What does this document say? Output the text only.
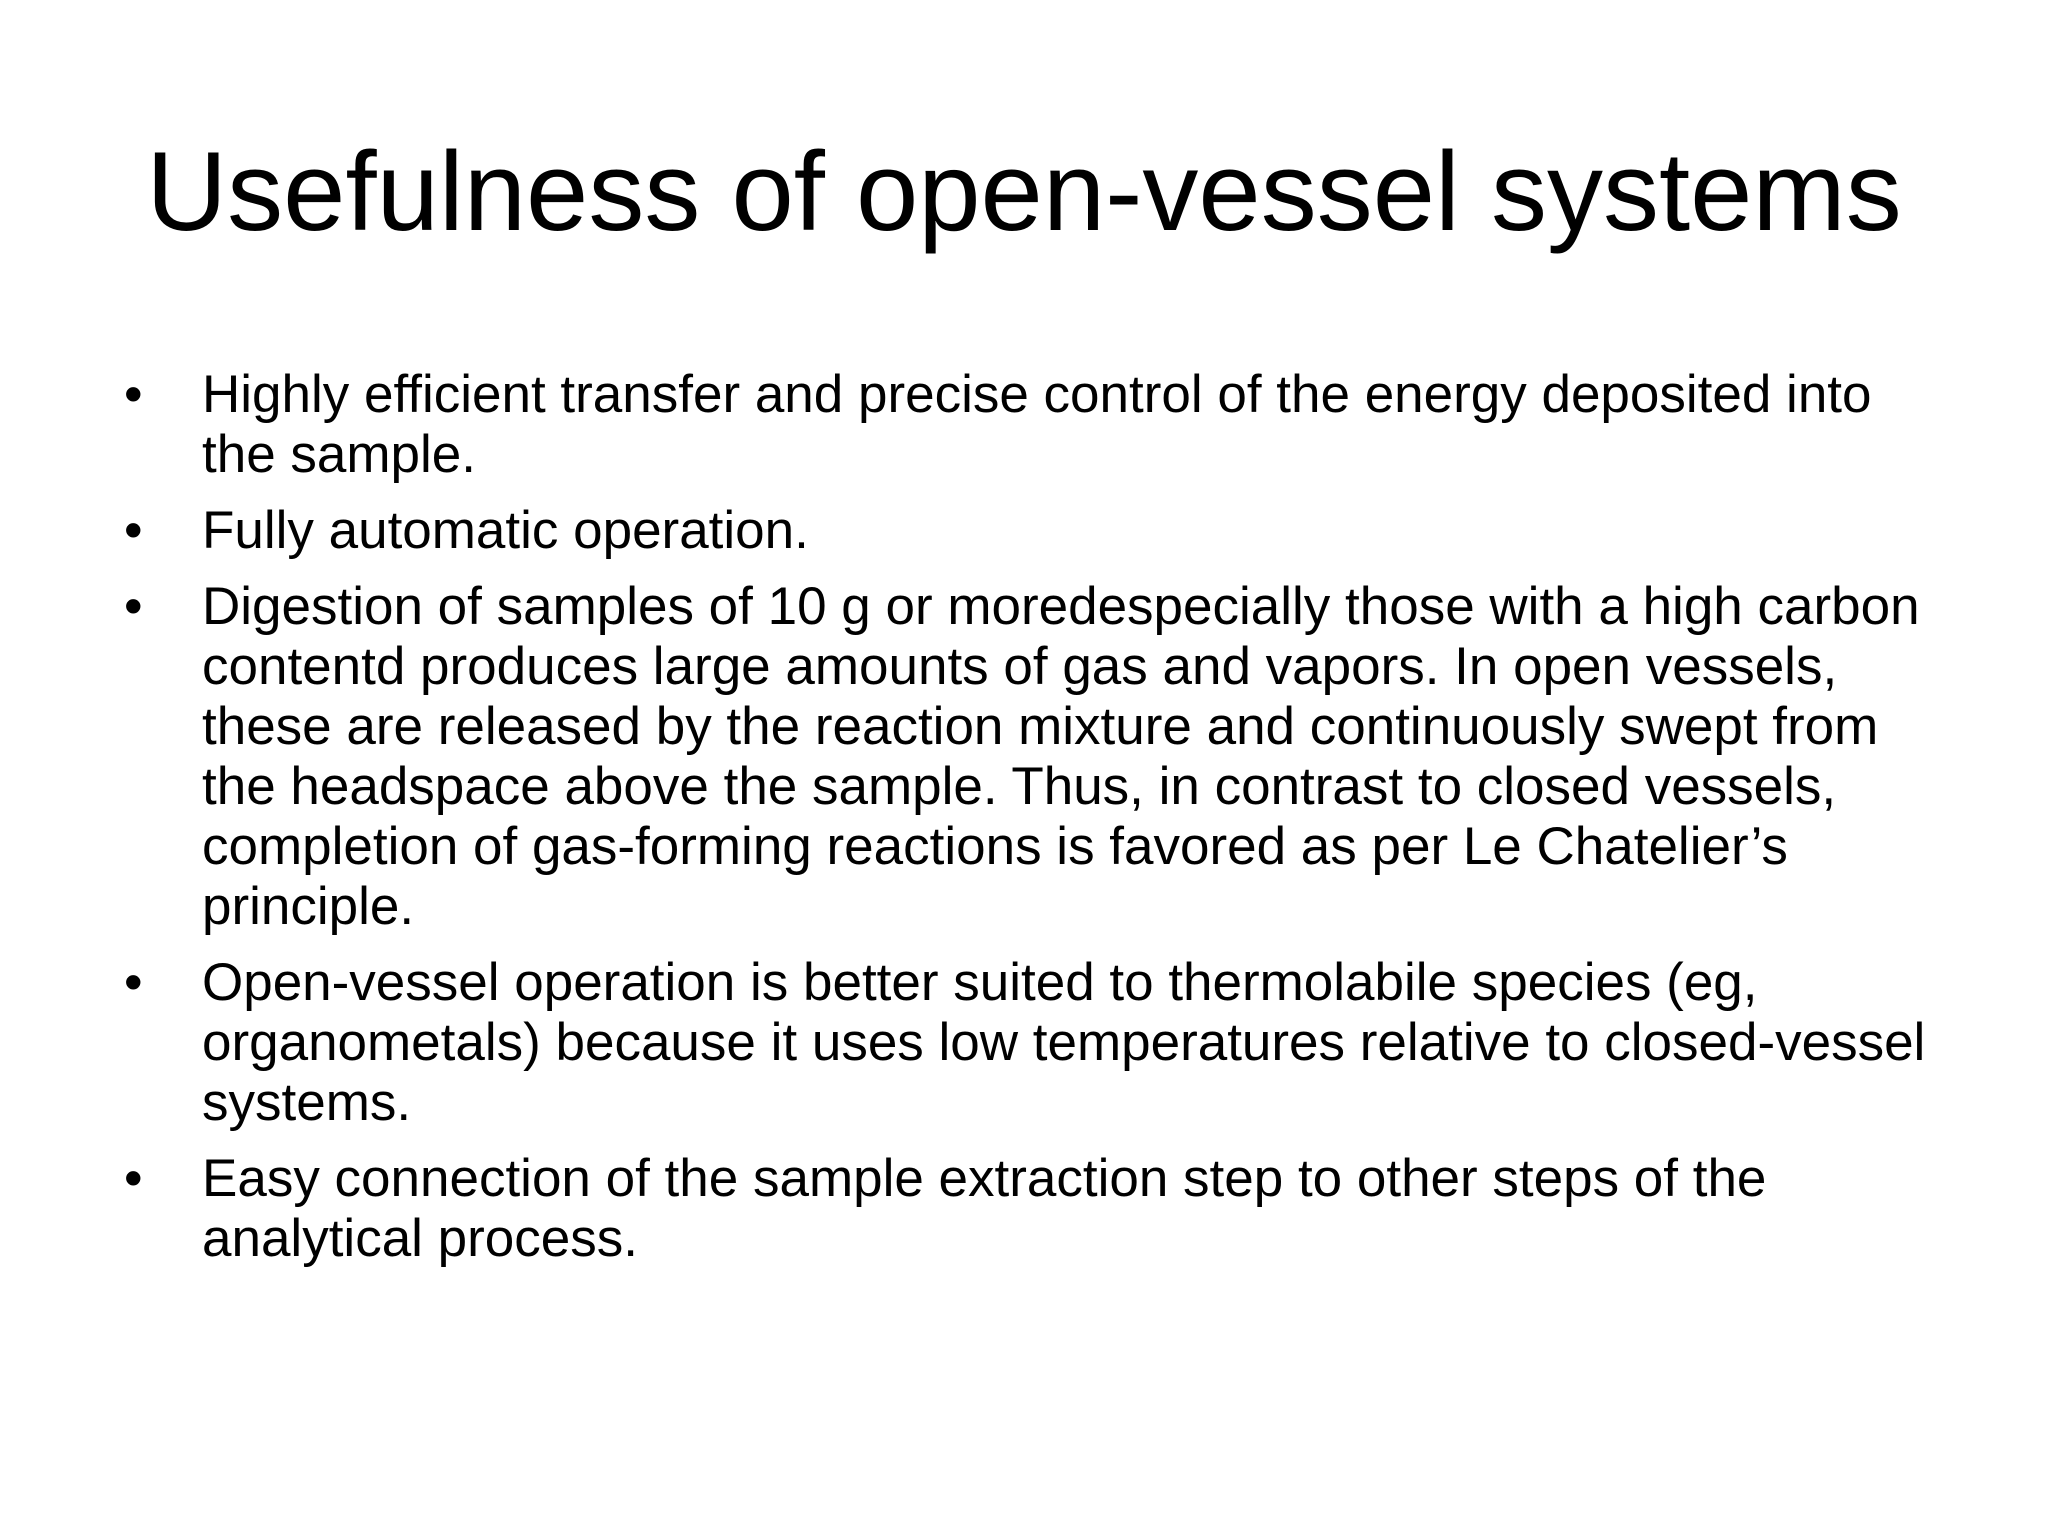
Usefulness of open-vessel systems
•	Highly efficient transfer and precise control of the energy deposited into the sample.
•	Fully automatic operation.
•	Digestion of samples of 10 g or moredespecially those with a high carbon contentd produces large amounts of gas and vapors. In open vessels, these are released by the reaction mixture and continuously swept from the headspace above the sample. Thus, in contrast to closed vessels, completion of gas-forming reactions is favored as per Le Chatelier’s principle.
•	Open-vessel operation is better suited to thermolabile species (eg, organometals) because it uses low temperatures relative to closed-vessel systems.
•	Easy connection of the sample extraction step to other steps of the analytical process.
